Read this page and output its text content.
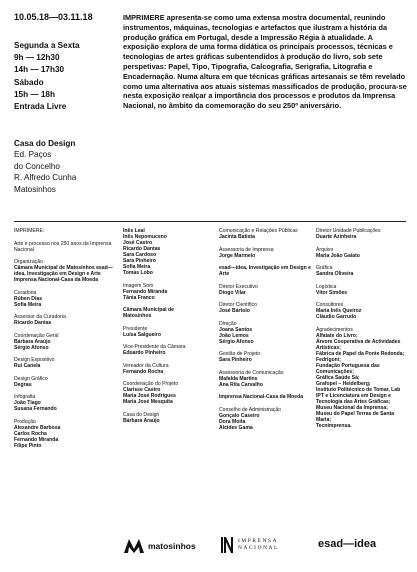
10.05.18—03.11.18
Segunda a Sexta
9h — 12h30
14h — 17h30
Sábado
15h — 18h
Entrada Livre
Casa do Design
Ed. Paços
do Concelho
R. Alfredo Cunha
Matosinhos
IMPRIMERE apresenta-se como uma extensa mostra documental, reunindo instrumentos, máquinas, tecnologias e artefactos que ilustram a história da produção gráfica em Portugal, desde a Impressão Régia à atualidade. A exposição explora de uma forma didática os principais processos, técnicas e tecnologias de artes gráficas subentendidos à produção do livro, sob sete perspetivas: Papel, Tipo, Tipografia, Calcografia, Serigrafia, Litografia e Encadernação. Numa altura em que técnicas gráficas artesanais se têm revelado como uma alternativa aos atuais sistemas massificados de produção, procura-se nesta exposição realçar a importância dos processos e produtos da Imprensa Nacional, no âmbito da comemoração do seu 250º aniversário.
IMPRIMERE:
Arte e processo nos 250 anos da Imprensa Nacional
Organização
Câmara Municipal de Matosinhos esad—idea, Investigação em Design e Arte Imprensa Nacional-Casa da Moeda
Curadoria
Rúben Dias
Sofia Meira
Assessor da Curadoria
Ricardo Dantas
Coordenação Geral
Bárbara Araújo
Sérgio Afonso
Design Expositivo
Rui Canela
Design Gráfico
Degrau
Infografia
João Tiago
Susana Fernando
Produção
Alexandre Barbosa
Carlos Rocha
Fernando Miranda
Filipe Pinto
Inês Leal
Inês Nepomuceno
José Castro
Ricardo Dantas
Sara Cardoso
Sara Pinheiro
Sofia Meira
Tomás Lobo
Imagem Som
Fernando Miranda
Tânia Franco
Câmara Municipal de Matosinhos
Presidente
Luísa Salgueiro
Vice-Presidente da Câmara
Eduardo Pinheiro
Vereador da Cultura
Fernando Rocha
Coordenação do Projeto
Clarisse Castro
Maria José Rodrigues
Maria José Mesquita
Casa do Design
Bárbara Araújo
Comunicação e Relações Públicas
Jacinta Batista
Assessoria de Imprensa
Jorge Marmelo
esad—idea, Investigação em Design e Arte
Diretor Executivo
Diogo Vilar
Diretor Científico
José Bártolo
Direção
Joana Santos
João Lemos
Sérgio Afonso
Gestão de Projeto
Sara Pinheiro
Assessoria de Comunicação
Mafalda Martins
Ana Rita Carvalho
Imprensa Nacional-Casa da Moeda
Conselho de Administração
Gonçalo Caseiro
Dora Moita
Alcides Gama
Diretor Unidade Publicações
Duarte Azinheira
Arquivo
Maria João Gaiato
Gráfica
Sandra Oliveira
Logística
Vítor Simões
Consultores
Maria Inês Queiroz
Cláudio Garrudo
Agradecimentos
Alfaiate do Livro;
Árvore Cooperativa de Actividades Artísticas;
Fábrica de Papel da Ponte Redonda;
Fedrigoni;
Fundação Portuguesa das Comunicações;
Gráfica Saúde Sá;
Grafopel – Heidelberg;
Instituto Politécnico de Tomar, Lab IPT e Licenciatura em Design e Tecnologia das Artes Gráficas;
Museu Nacional da Imprensa;
Museu do Papel Terras de Santa Maria;
Tecnimprensa.
matosinhos	IMPRENSA
NACIONAL	esad—idea
